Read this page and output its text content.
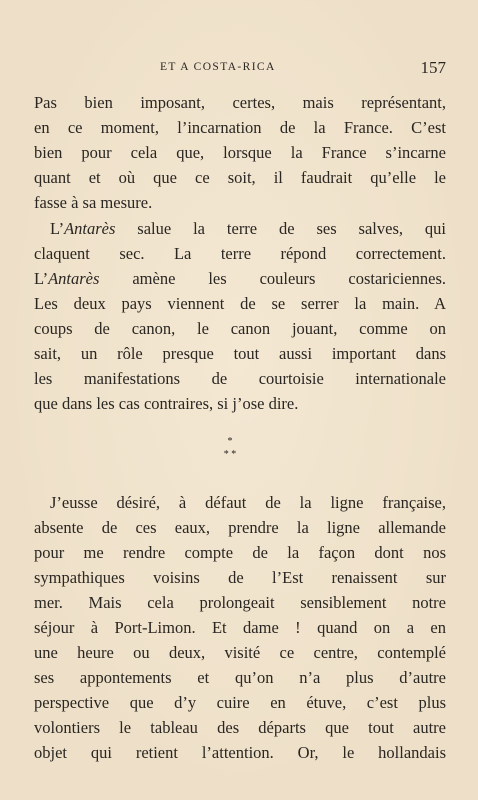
ET A COSTA-RICA	157
Pas bien imposant, certes, mais représentant,
en ce moment, l’incarnation de la France. C’est
bien pour cela que, lorsque la France s’incarne
quant et où que ce soit, il faudrait qu’elle le
fasse à sa mesure.
L’Antarès salue la terre de ses salves, qui
claquent sec. La terre répond correctement.
L’Antarès amène les couleurs costariciennes.
Les deux pays viennent de se serrer la main. A
coups de canon, le canon jouant, comme on
sait, un rôle presque tout aussi important dans
les manifestations de courtoisie internationale
que dans les cas contraires, si j’ose dire.
*
* *
J’eusse désiré, à défaut de la ligne française,
absente de ces eaux, prendre la ligne allemande
pour me rendre compte de la façon dont nos
sympathiques voisins de l’Est renaissent sur
mer. Mais cela prolongeait sensiblement notre
séjour à Port-Limon. Et dame ! quand on a en
une heure ou deux, visité ce centre, contemplé
ses appontements et qu’on n’a plus d’autre
perspective que d’y cuire en étuve, c’est plus
volontiers le tableau des départs que tout autre
objet qui retient l’attention. Or, le hollandais
